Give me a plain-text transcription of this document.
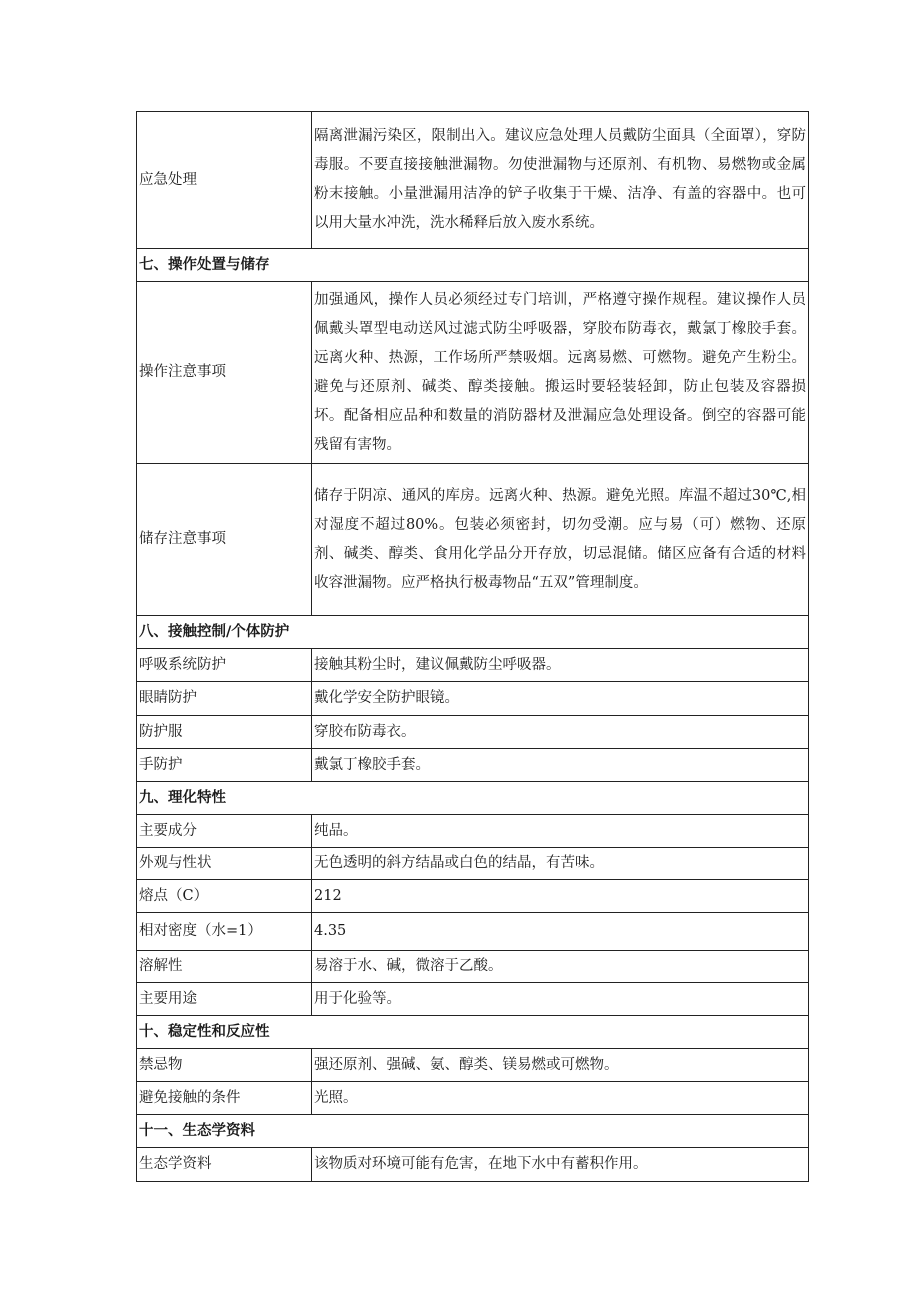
应急处理	隔离泄漏污染区，限制出入。建议应急处理人员戴防尘面具（全面罩），穿防毒服。不要直接接触泄漏物。勿使泄漏物与还原剂、有机物、易燃物或金属粉末接触。小量泄漏用洁净的铲子收集于干燥、洁净、有盖的容器中。也可以用大量水冲洗，洗水稀释后放入废水系统。
七、操作处置与储存	
操作注意事项	加强通风，操作人员必须经过专门培训，严格遵守操作规程。建议操作人员佩戴头罩型电动送风过滤式防尘呼吸器，穿胶布防毒衣，戴氯丁橡胶手套。远离火种、热源，工作场所严禁吸烟。远离易燃、可燃物。避免产生粉尘。避免与还原剂、碱类、醇类接触。搬运时要轻装轻卸，防止包装及容器损坏。配备相应品种和数量的消防器材及泄漏应急处理设备。倒空的容器可能残留有害物。
储存注意事项	储存于阴凉、通风的库房。远离火种、热源。避免光照。库温不超过30℃,相对湿度不超过80%。包装必须密封，切勿受潮。应与易（可）燃物、还原剂、碱类、醇类、食用化学品分开存放，切忌混储。储区应备有合适的材料收容泄漏物。应严格执行极毒物品“五双”管理制度。
八、接触控制/个体防护	
呼吸系统防护	接触其粉尘时，建议佩戴防尘呼吸器。
眼睛防护	戴化学安全防护眼镜。
防护服	穿胶布防毒衣。
手防护	戴氯丁橡胶手套。
九、理化特性	
主要成分	纯品。
外观与性状	无色透明的斜方结晶或白色的结晶，有苦味。
熔点（C）	212
相对密度（水=1）	4.35
溶解性	易溶于水、碱，微溶于乙酸。
主要用途	用于化验等。
十、稳定性和反应性	
禁忌物	强还原剂、强碱、氨、醇类、镁易燃或可燃物。
避免接触的条件	光照。
十一、生态学资料	
生态学资料	该物质对环境可能有危害，在地下水中有蓄积作用。
